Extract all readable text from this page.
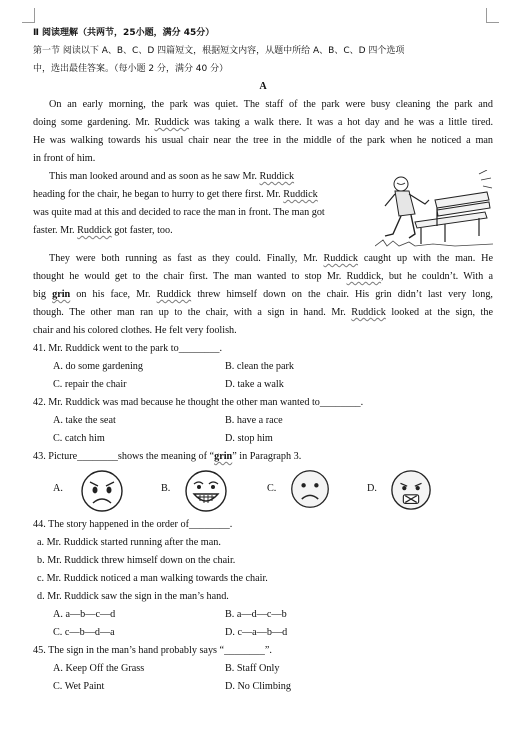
Ⅱ 阅读理解（共两节，25小题，满分 45分）
第一节 阅读以下 A、B、C、D 四篇短文，根据短文内容，从题中所给 A、B、C、D 四个选项
中，选出最佳答案。（每小题 2 分，满分 40 分）
A
On an early morning, the park was quiet. The staff of the park were busy cleaning the park and
doing some gardening. Mr. Ruddick was taking a walk there. It was a hot day and he was a little tired.
He was walking towards his usual chair near the tree in the middle of the park when he noticed a man
in front of him.
This man looked around and as soon as he saw Mr. Ruddick
heading for the chair, he began to hurry to get there first. Mr. Ruddick
was quite mad at this and decided to race the man in front. The man got
faster. Mr. Ruddick got faster, too.
They were both running as fast as they could. Finally, Mr. Ruddick caught up with the man. He
thought he would get to the chair first. The man wanted to stop Mr. Ruddick, but he couldn’t. With a
big grin on his face, Mr. Ruddick threw himself down on the chair. His grin didn’t last very long,
though. The other man ran up to the chair, with a sign in hand. Mr. Ruddick looked at the sign, the
chair and his colored clothes. He felt very foolish.
41. Mr. Ruddick went to the park to________.
A. do some gardening	B. clean the park
C. repair the chair	D. take a walk
42. Mr. Ruddick was mad because he thought the other man wanted to________.
A. take the seat	B. have a race
C. catch him	D. stop him
43. Picture________shows the meaning of “grin” in Paragraph 3.
A.	B.	C.	D.
44. The story happened in the order of________.
a. Mr. Ruddick started running after the man.
b. Mr. Ruddick threw himself down on the chair.
c. Mr. Ruddick noticed a man walking towards the chair.
d. Mr. Ruddick saw the sign in the man’s hand.
A. a—b—c—d	B. a—d—c—b
C. c—b—d—a	D. c—a—b—d
45. The sign in the man’s hand probably says “________”.
A. Keep Off the Grass	B. Staff Only
C. Wet Paint	D. No Climbing
